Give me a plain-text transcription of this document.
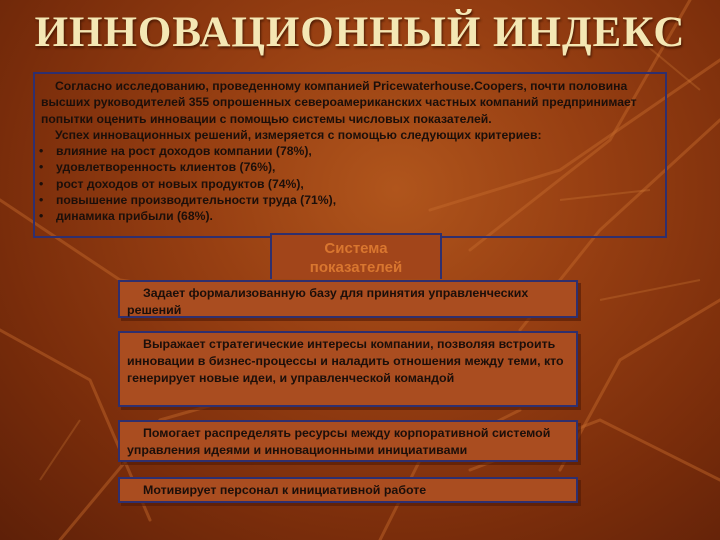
ИННОВАЦИОННЫЙ ИНДЕКС

Согласно исследованию, проведенному компанией Pricewaterhouse.Coopers, почти половина высших руководителей 355 опрошенных североамериканских частных компаний предпринимает попытки оценить инновации с помощью системы числовых показателей.

Успех инновационных решений, измеряется с помощью следующих критериев:

• влияние на рост доходов компании (78%),
• удовлетворенность клиентов (76%),
• рост доходов от новых продуктов (74%),
• повышение производительности труда (71%),
• динамика прибыли (68%).
Система
показателей
Задает формализованную базу для принятия управленческих решений
Выражает стратегические интересы компании, позволяя встроить инновации в бизнес-процессы и наладить отношения между теми, кто генерирует новые идеи, и управленческой командой
Помогает распределять ресурсы между корпоративной системой управления идеями и инновационными инициативами
Мотивирует персонал к инициативной работе
